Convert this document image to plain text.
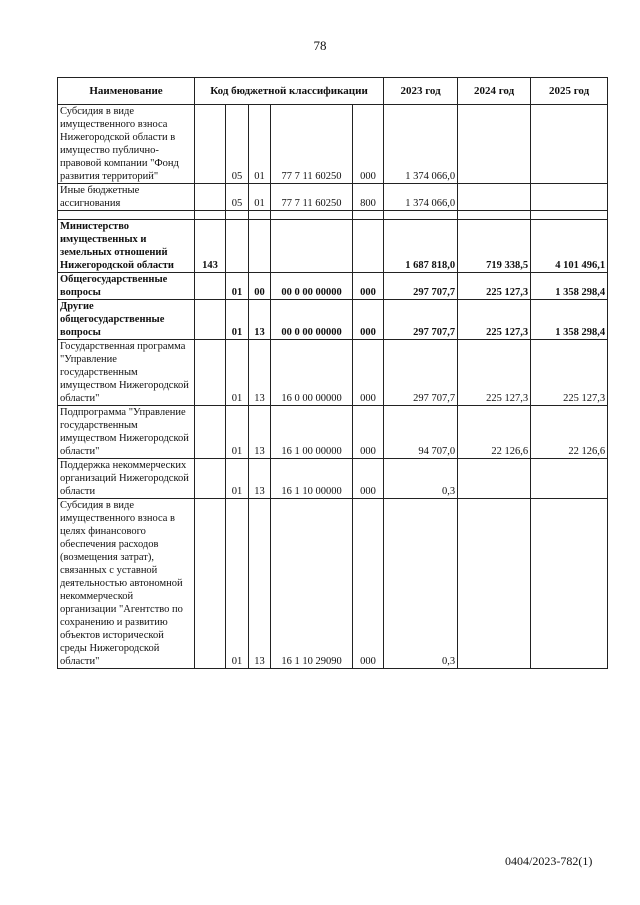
78
Наименование	Код бюджетной классификации					2023 год	2024 год	2025 год
Субсидия в виде имущественного взноса Нижегородской области в имущество публично-правовой компании "Фонд развития территорий"		05	01	77 7 11 60250	000	1 374 066,0		
Иные бюджетные ассигнования		05	01	77 7 11 60250	800	1 374 066,0		

Министерство имущественных и земельных отношений Нижегородской области	143					1 687 818,0	719 338,5	4 101 496,1
Общегосударственные вопросы		01	00	00 0 00 00000	000	297 707,7	225 127,3	1 358 298,4
Другие общегосударственные вопросы		01	13	00 0 00 00000	000	297 707,7	225 127,3	1 358 298,4
Государственная программа "Управление государственным имуществом Нижегородской области"		01	13	16 0 00 00000	000	297 707,7	225 127,3	225 127,3
Подпрограмма "Управление государственным имуществом Нижегородской области"		01	13	16 1 00 00000	000	94 707,0	22 126,6	22 126,6
Поддержка некоммерческих организаций Нижегородской области		01	13	16 1 10 00000	000	0,3		
Субсидия в виде имущественного взноса в целях финансового обеспечения расходов (возмещения затрат), связанных с уставной деятельностью автономной некоммерческой организации "Агентство по сохранению и развитию объектов исторической среды Нижегородской области"		01	13	16 1 10 29090	000	0,3		
0404/2023-782(1)
